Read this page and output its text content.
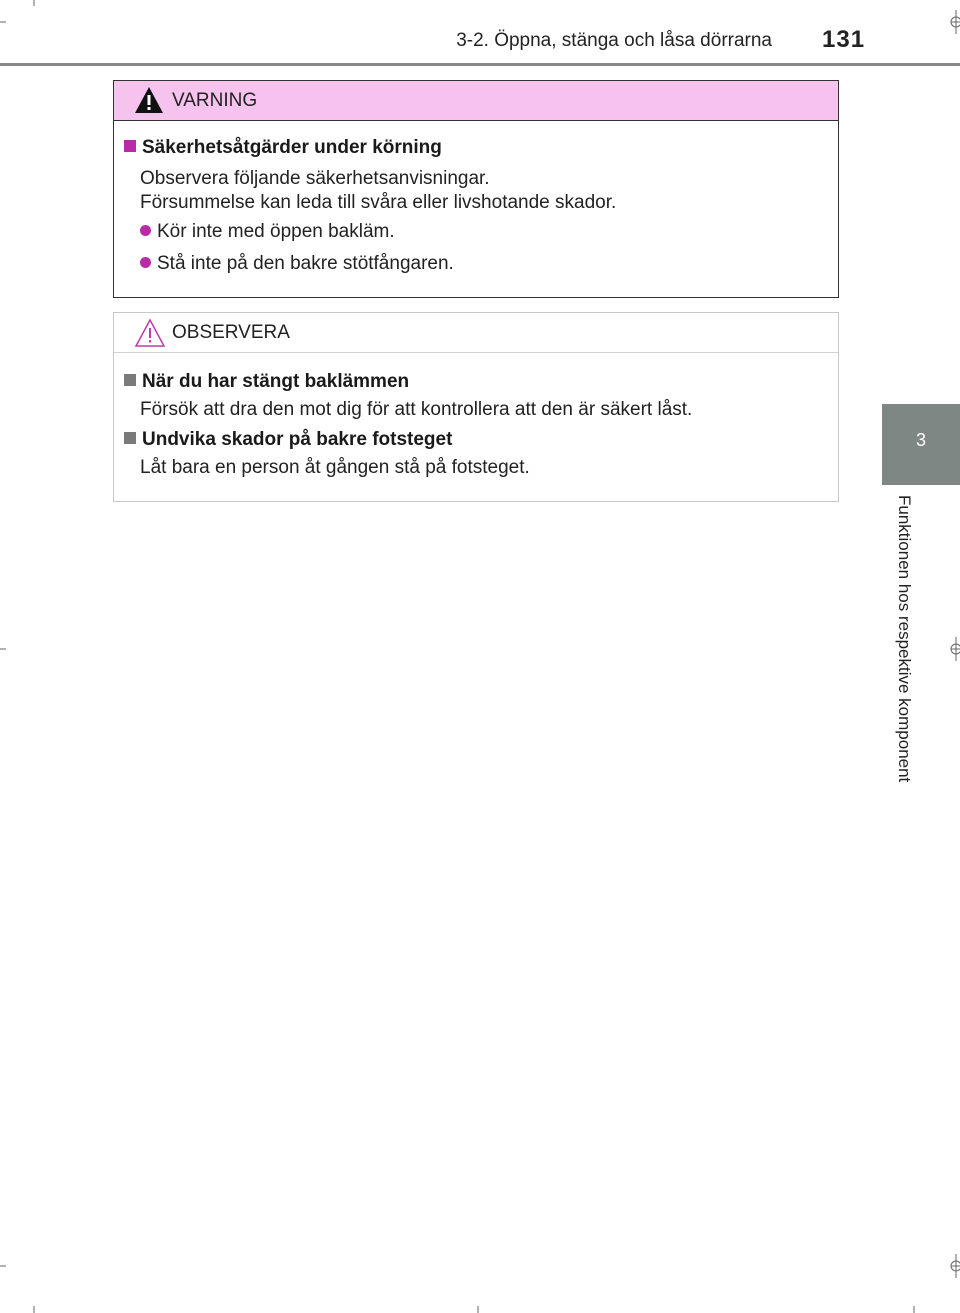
3-2. Öppna, stänga och låsa dörrarna 131
3
Funktionen hos respektive komponent
VARNING
Säkerhetsåtgärder under körning
Observera följande säkerhetsanvisningar.
Försummelse kan leda till svåra eller livshotande skador.
Kör inte med öppen bakläm.
Stå inte på den bakre stötfångaren.
OBSERVERA
När du har stängt baklämmen
Försök att dra den mot dig för att kontrollera att den är säkert låst.
Undvika skador på bakre fotsteget
Låt bara en person åt gången stå på fotsteget.
